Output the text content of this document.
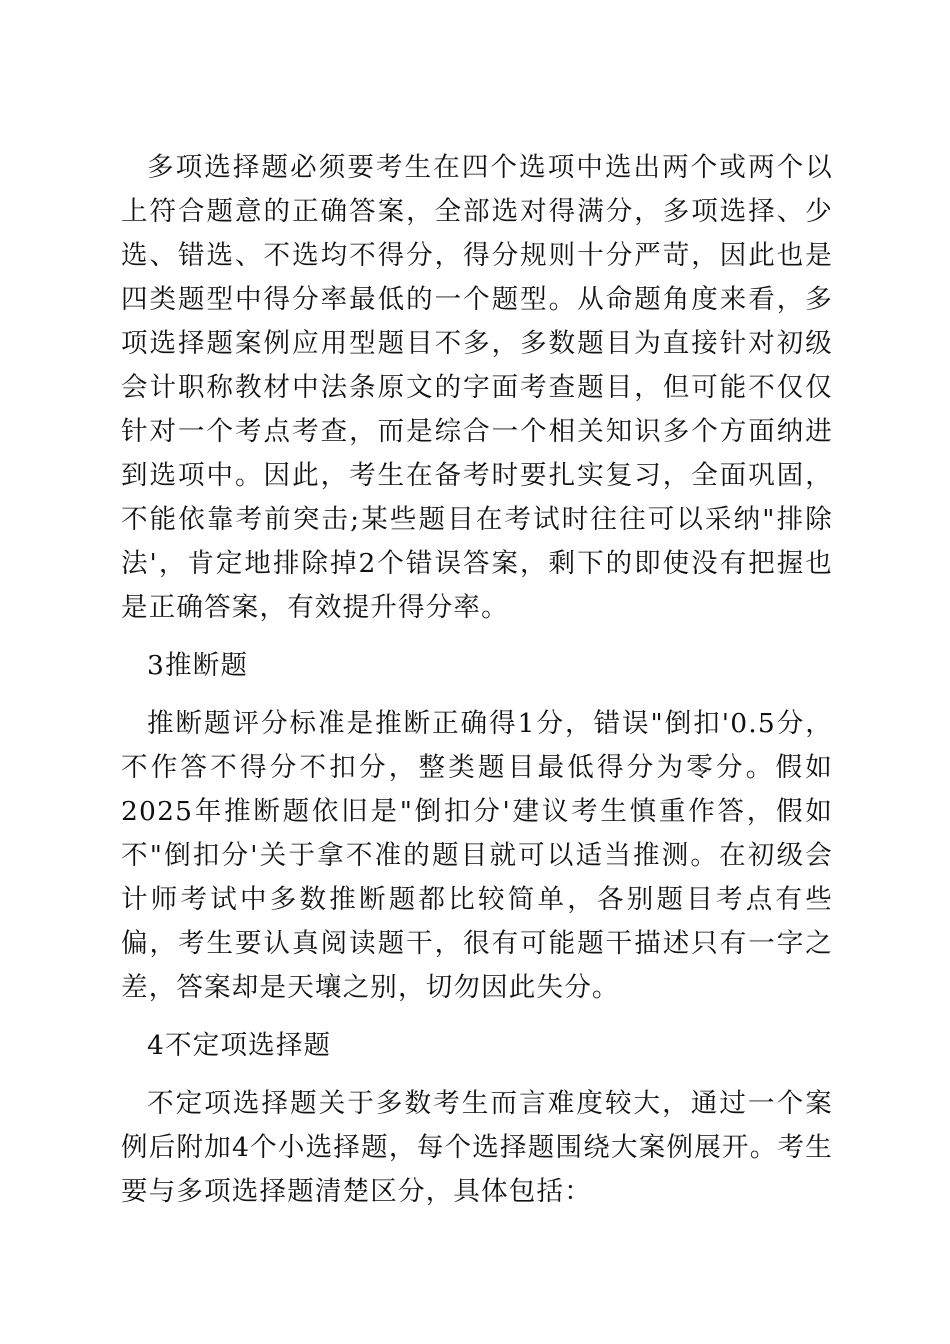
多项选择题必须要考生在四个选项中选出两个或两个以上符合题意的正确答案，全部选对得满分，多项选择、少选、错选、不选均不得分，得分规则十分严苛，因此也是四类题型中得分率最低的一个题型。从命题角度来看，多项选择题案例应用型题目不多，多数题目为直接针对初级会计职称教材中法条原文的字面考查题目，但可能不仅仅针对一个考点考查，而是综合一个相关知识多个方面纳进到选项中。因此，考生在备考时要扎实复习，全面巩固，不能依靠考前突击;某些题目在考试时往往可以采纳"排除法'，肯定地排除掉2个错误答案，剩下的即使没有把握也是正确答案，有效提升得分率。

3推断题

推断题评分标准是推断正确得1分，错误"倒扣'0.5分，不作答不得分不扣分，整类题目最低得分为零分。假如2025年推断题依旧是"倒扣分'建议考生慎重作答，假如不"倒扣分'关于拿不准的题目就可以适当推测。在初级会计师考试中多数推断题都比较简单，各别题目考点有些偏，考生要认真阅读题干，很有可能题干描述只有一字之差，答案却是天壤之别，切勿因此失分。

4不定项选择题

不定项选择题关于多数考生而言难度较大，通过一个案例后附加4个小选择题，每个选择题围绕大案例展开。考生要与多项选择题清楚区分，具体包括：
